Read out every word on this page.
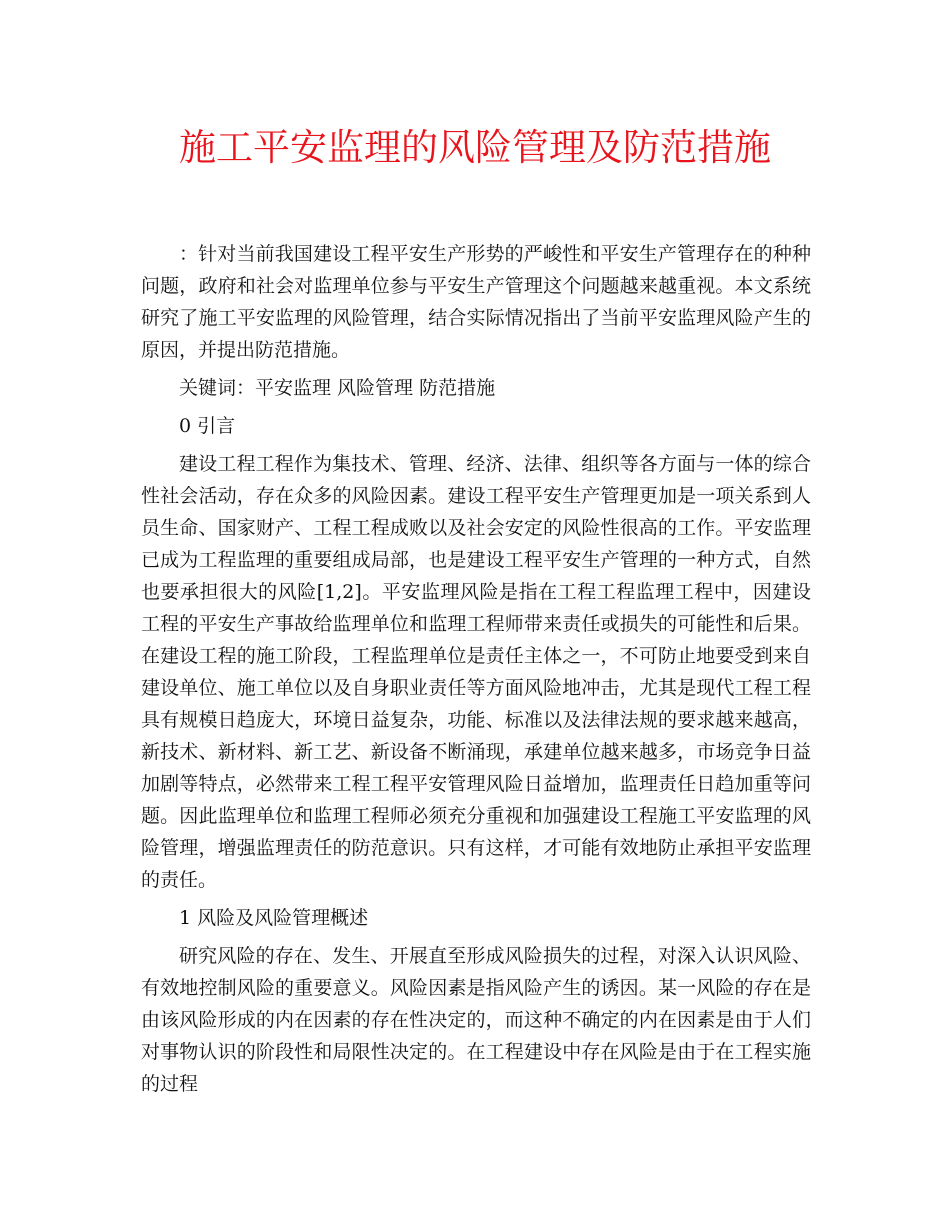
施工平安监理的风险管理及防范措施

：针对当前我国建设工程平安生产形势的严峻性和平安生产管理存在的种种问题，政府和社会对监理单位参与平安生产管理这个问题越来越重视。本文系统研究了施工平安监理的风险管理，结合实际情况指出了当前平安监理风险产生的原因，并提出防范措施。

关键词：平安监理 风险管理 防范措施

0 引言

建设工程工程作为集技术、管理、经济、法律、组织等各方面与一体的综合性社会活动，存在众多的风险因素。建设工程平安生产管理更加是一项关系到人员生命、国家财产、工程工程成败以及社会安定的风险性很高的工作。平安监理已成为工程监理的重要组成局部，也是建设工程平安生产管理的一种方式，自然也要承担很大的风险[1,2]。平安监理风险是指在工程工程监理工程中，因建设工程的平安生产事故给监理单位和监理工程师带来责任或损失的可能性和后果。在建设工程的施工阶段，工程监理单位是责任主体之一，不可防止地要受到来自建设单位、施工单位以及自身职业责任等方面风险地冲击，尤其是现代工程工程具有规模日趋庞大，环境日益复杂，功能、标准以及法律法规的要求越来越高，新技术、新材料、新工艺、新设备不断涌现，承建单位越来越多，市场竞争日益加剧等特点，必然带来工程工程平安管理风险日益增加，监理责任日趋加重等问题。因此监理单位和监理工程师必须充分重视和加强建设工程施工平安监理的风险管理，增强监理责任的防范意识。只有这样，才可能有效地防止承担平安监理的责任。

1 风险及风险管理概述

研究风险的存在、发生、开展直至形成风险损失的过程，对深入认识风险、有效地控制风险的重要意义。风险因素是指风险产生的诱因。某一风险的存在是由该风险形成的内在因素的存在性决定的，而这种不确定的内在因素是由于人们对事物认识的阶段性和局限性决定的。在工程建设中存在风险是由于在工程实施的过程
